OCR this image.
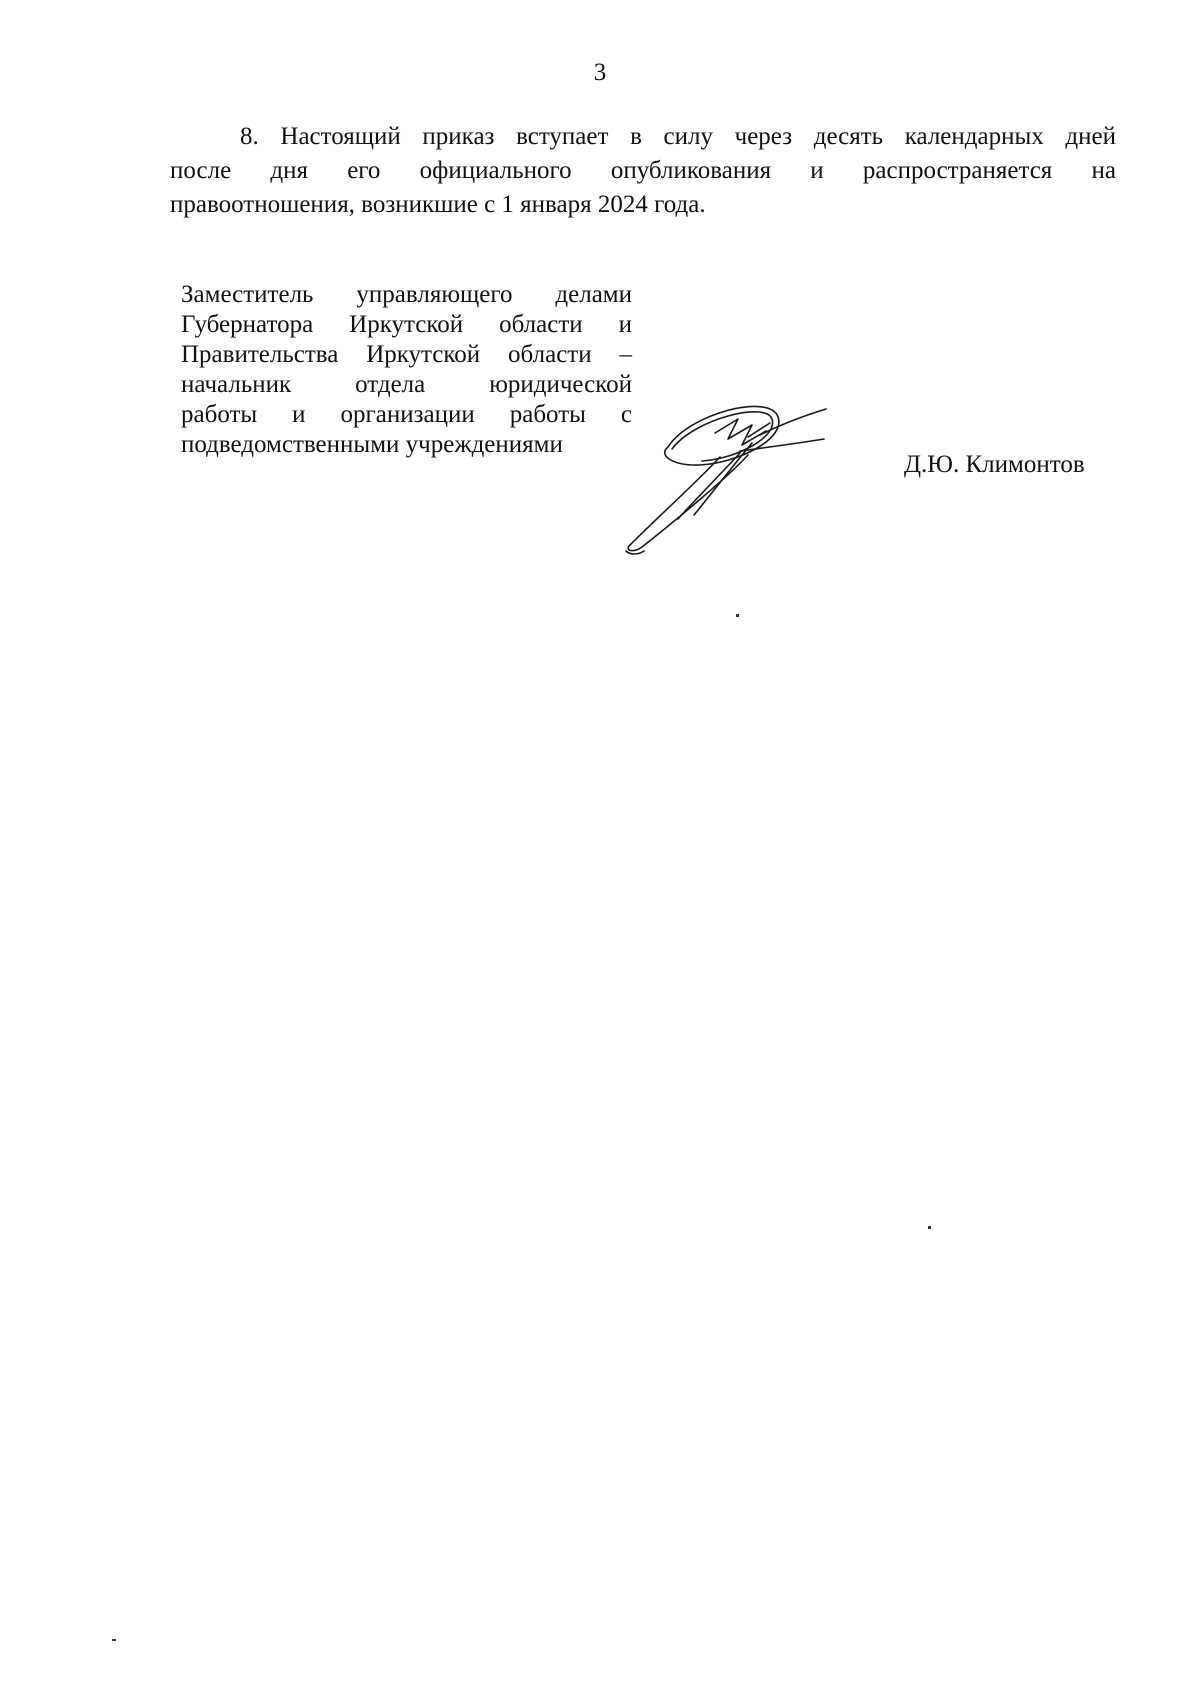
3
8. Настоящий приказ вступает в силу через десять календарных дней
после дня его официального опубликования и распространяется на
правоотношения, возникшие с 1 января 2024 года.
Заместитель управляющего делами
Губернатора Иркутской области и
Правительства Иркутской области –
начальник отдела юридической
работы и организации работы с
подведомственными учреждениями
Д.Ю. Климонтов
